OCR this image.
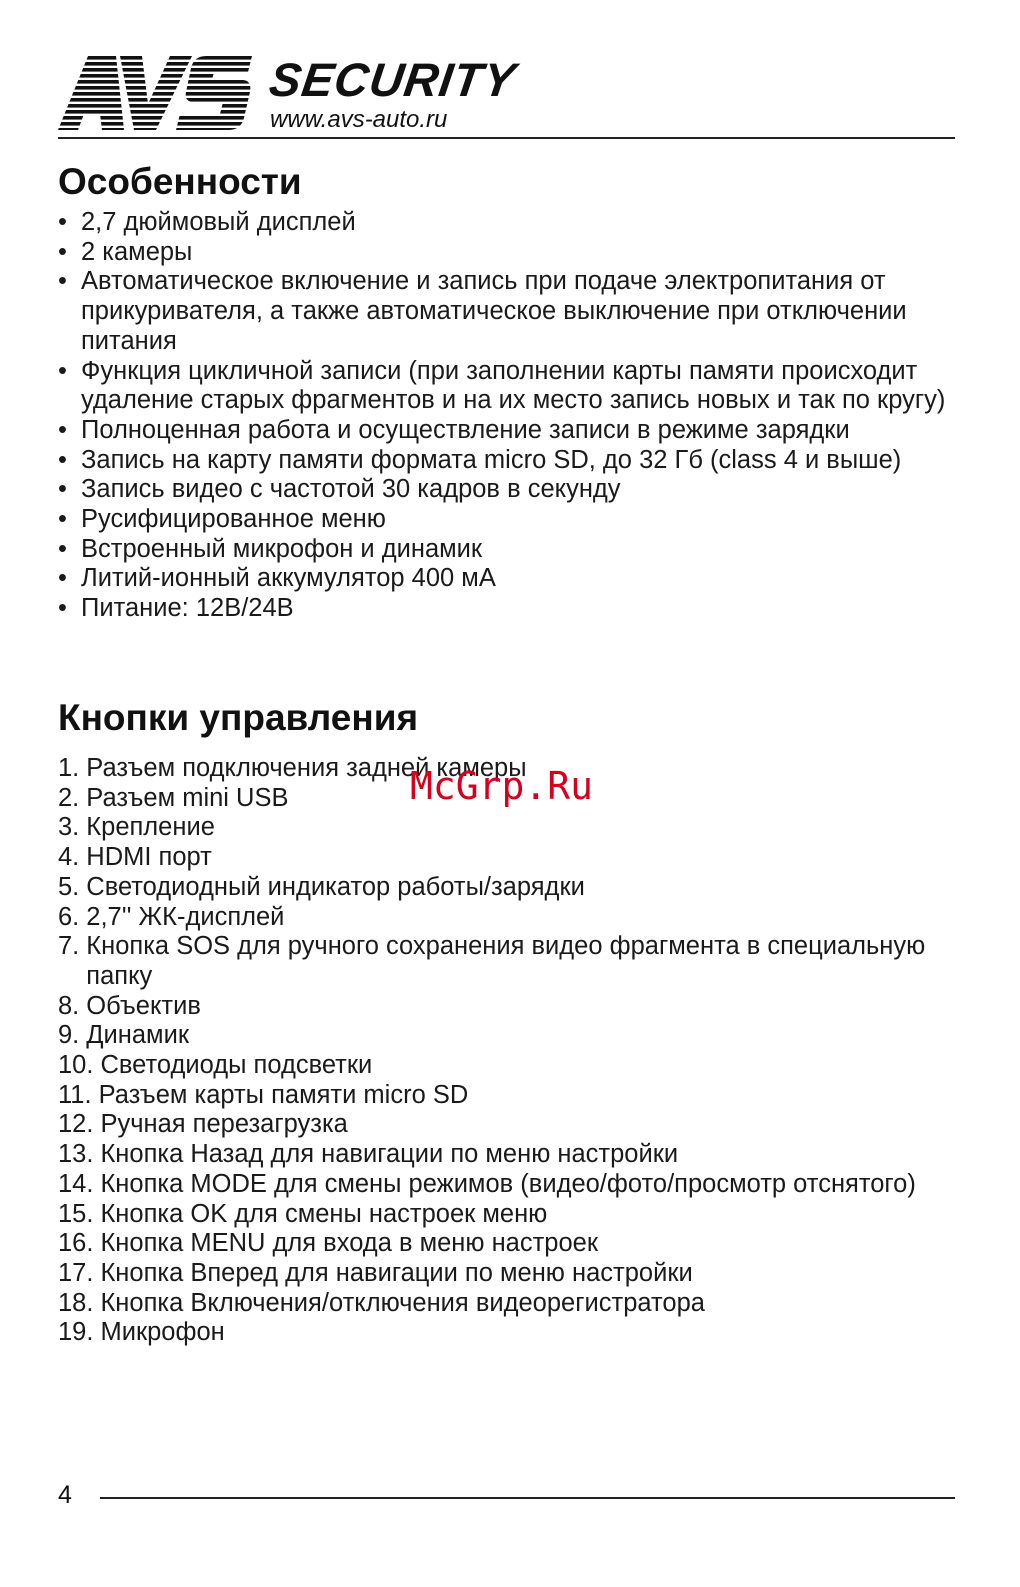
SECURITY
www.avs-auto.ru
Особенности
• 2,7 дюймовый дисплей
• 2 камеры
• Автоматическое включение и запись при подаче электропитания от прикуривателя, а также автоматическое выключение при отключении питания
• Функция цикличной записи (при заполнении карты памяти происходит удаление старых фрагментов и на их место запись новых и так по кругу)
• Полноценная работа и осуществление записи в режиме зарядки
• Запись на карту памяти формата micro SD, до 32 Гб (class 4 и выше)
• Запись видео с частотой 30 кадров в секунду
• Русифицированное меню
• Встроенный микрофон и динамик
• Литий-ионный аккумулятор 400 мА
• Питание: 12В/24В
Кнопки управления
1. Разъем подключения задней камеры
2. Разъем mini USB
3. Крепление
4. HDMI порт
5. Светодиодный индикатор работы/зарядки
6. 2,7'' ЖК-дисплей
7. Кнопка SOS для ручного сохранения видео фрагмента в специальную папку
8. Объектив
9. Динамик
10. Светодиоды подсветки
11. Разъем карты памяти micro SD
12. Ручная перезагрузка
13. Кнопка Назад для навигации по меню настройки
14. Кнопка MODE для смены режимов (видео/фото/просмотр отснятого)
15. Кнопка OK для смены настроек меню
16. Кнопка MENU для входа в меню настроек
17. Кнопка Вперед для навигации по меню настройки
18. Кнопка Включения/отключения видеорегистратора
19. Микрофон
McGrp.Ru
4
